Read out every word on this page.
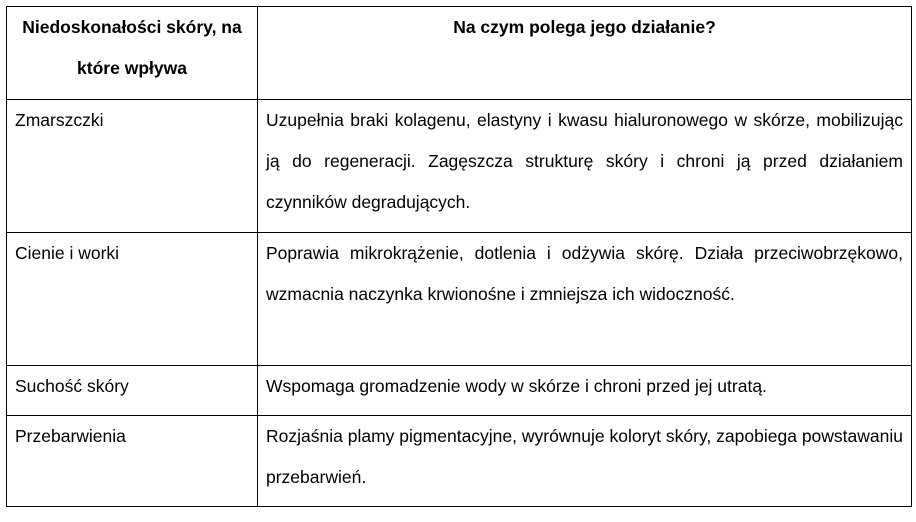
Niedoskonałości skóry, na które wpływa	Na czym polega jego działanie?

Zmarszczki	Uzupełnia braki kolagenu, elastyny i kwasu hialuronowego w skórze, mobilizując ją do regeneracji. Zagęszcza strukturę skóry i chroni ją przed działaniem czynników degradujących.

Cienie i worki	Poprawia mikrokrążenie, dotlenia i odżywia skórę. Działa przeciwobrzękowo, wzmacnia naczynka krwionośne i zmniejsza ich widoczność.

Suchość skóry	Wspomaga gromadzenie wody w skórze i chroni przed jej utratą.

Przebarwienia	Rozjaśnia plamy pigmentacyjne, wyrównuje koloryt skóry, zapobiega powstawaniu przebarwień.
